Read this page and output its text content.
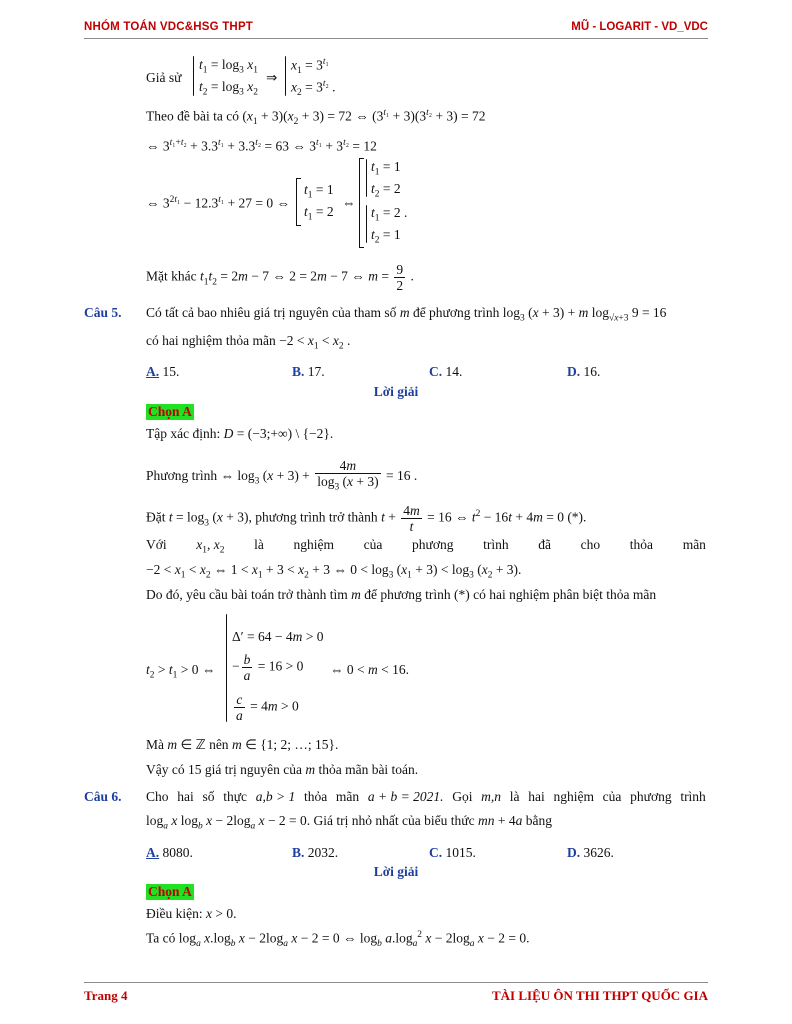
NHÓM TOÁN VDC&HSG THPT	MŨ - LOGARIT - VD_VDC
Giả sử
$t_1 = \log_3 x_1$
$t_2 = \log_3 x_2$
⇒
$x_1 = 3^{t_1}$
$x_2 = 3^{t_2}$ .
Theo đề bài ta có $(x_1 + 3)(x_2 + 3) = 72$ ⇔ $(3^{t_1} + 3)(3^{t_2} + 3) = 72$
⇔ $3^{t_1+t_2} + 3.3^{t_1} + 3.3^{t_2} = 63$ ⇔ $3^{t_1} + 3^{t_2} = 12$
⇔ $3^{2t_1} - 12.3^{t_1} + 27 = 0$ ⇔
$t_1 = 1$
$t_1 = 2$
⇔
$t_1 = 1$
$t_2 = 2$
$t_1 = 2$ .
$t_2 = 1$
Mặt khác $t_1t_2 = 2m - 7$ ⇔ 2 = 2m − 7 ⇔ $m = \frac{9}{2}$ .
Câu 5. Có tất cả bao nhiêu giá trị nguyên của tham số m để phương trình $\log_3 (x + 3) + m$ $\log_{√x+3} 9 = 16$
có hai nghiệm thỏa mãn $-2 < x_1 < x_2$ .
A. 15.	B. 17.	C. 14.	D. 16.
Lời giải
Chọn A
Tập xác định: D = (−3;+∞) \ {−2}.
Phương trình ⇔ $\log_3 (x + 3) + \frac{4m}{\log_3 (x + 3)} = 16$ .
Đặt $t = \log_3 (x + 3)$, phương trình trở thành $t + \frac{4m}{t} = 16$ ⇔ $t^2 - 16t + 4m = 0$ (*).
Với $x_1$, $x_2$ là nghiệm của phương trình đã cho thỏa mãn
$-2 < x_1 < x_2$ ⇔ $1 < x_1 + 3 < x_2 + 3$ ⇔ $0 < \log_3 (x_1 + 3) < \log_3 (x_2 + 3)$.
Do đó, yêu cầu bài toán trở thành tìm m để phương trình (*) có hai nghiệm phân biệt thỏa mãn
$t_2 > t_1 > 0$ ⇔
Δ′ = 64 − 4m > 0
− $\frac{b}{a} = 16 > 0$
$\frac{c}{a} = 4m > 0$
⇔ 0 < m < 16.
Mà m ∈ ℤ nên m ∈ {1; 2; …; 15}.
Vậy có 15 giá trị nguyên của m thỏa mãn bài toán.
Câu 6. Cho hai số thực a,b > 1 thỏa mãn a + b = 2021. Gọi m,n là hai nghiệm của phương trình
$\log_a x$ $\log_b x - 2\log_a$ x − 2 = 0. Giá trị nhỏ nhất của biểu thức mn + 4a bằng
A. 8080.	B. 2032.	C. 1015.	D. 3626.
Lời giải
Chọn A
Điều kiện: x > 0.
Ta có $\log_a x.\log_b$ $x - 2\log_a$ x − 2 = 0 ⇔ $\log_b a.\log_a^2$ $x - 2\log_a$ x − 2 = 0.
Trang 4	TÀI LIỆU ÔN THI THPT QUỐC GIA
